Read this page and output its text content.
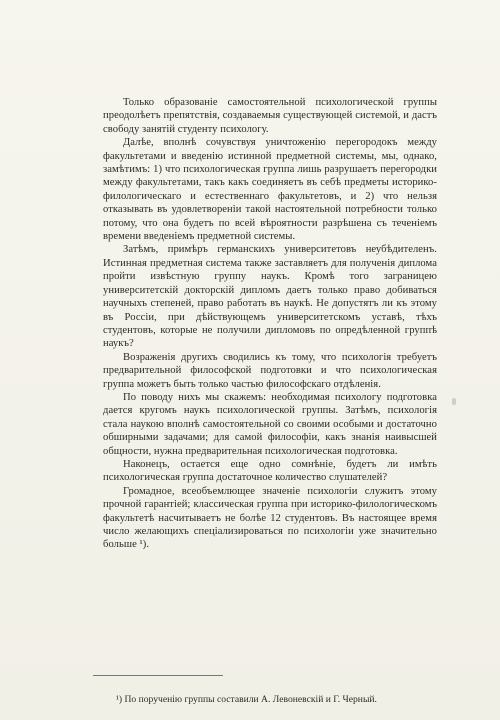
Только образованіе самостоятельной психологической группы преодолѣетъ препятствія, создаваемыя существующей системой, и дастъ свободу занятій студенту психологу.

Далѣе, вполнѣ сочувствуя уничтоженію перегородокъ между факультетами и введенію истинной предметной системы, мы, однако, замѣтимъ: 1) что психологическая группа лишь разрушаетъ перегородки между факультетами, такъ какъ соединяетъ въ себѣ предметы историко-филологическаго и естественнаго факультетовъ, и 2) что нельзя отказывать въ удовлетвореніи такой настоятельной потребности только потому, что она будетъ по всей вѣроятности разрѣшена съ теченіемъ времени введеніемъ предметной системы.

Затѣмъ, примѣръ германскихъ университетовъ неубѣдителенъ. Истинная предметная система также заставляетъ для полученія диплома пройти извѣстную группу наукъ. Кромѣ того заграницею университетскій докторскій дипломъ даетъ только право добиваться научныхъ степеней, право работать въ наукѣ. Не допустятъ ли къ этому въ Россіи, при дѣйствующемъ университетскомъ уставѣ, тѣхъ студентовъ, которые не получили дипломовъ по опредѣленной группѣ наукъ?

Возраженія другихъ сводились къ тому, что психологія требуетъ предварительной философской подготовки и что психологическая группа можетъ быть только частью философскаго отдѣленія.

По поводу нихъ мы скажемъ: необходимая психологу подготовка дается кругомъ наукъ психологической группы. Затѣмъ, психологія стала наукою вполнѣ самостоятельной со своими особыми и достаточно обширными задачами; для самой философіи, какъ знанія наивысшей общности, нужна предварительная психологическая подготовка.

Наконецъ, остается еще одно сомнѣніе, будетъ ли имѣть психологическая группа достаточное количество слушателей?

Громадное, всеобъемлющее значеніе психологіи служитъ этому прочной гарантіей; классическая группа при историко-филологическомъ факультетѣ насчитываетъ не болѣе 12 студентовъ. Въ настоящее время число желающихъ спеціализироваться по психологіи уже значительно больше ¹).

¹) По порученію группы составили А. Левоневскій и Г. Черный.
